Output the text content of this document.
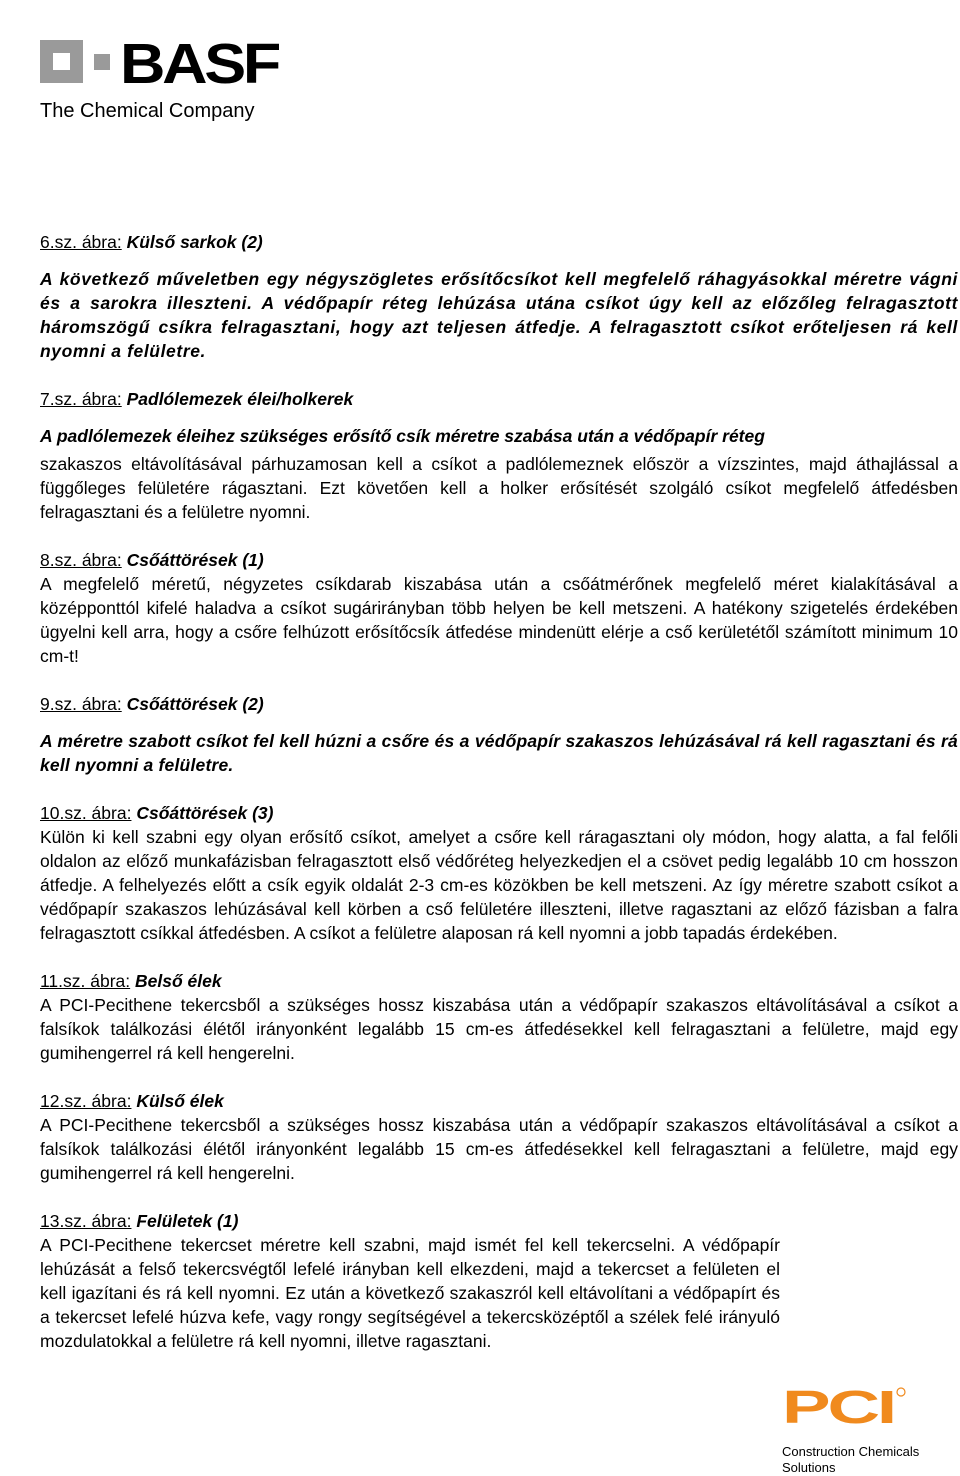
BASF
The Chemical Company
6.sz. ábra: Külső sarkok (2)

A következő műveletben egy négyszögletes erősítőcsíkot kell megfelelő ráhagyásokkal méretre vágni és a sarokra illeszteni. A védőpapír réteg lehúzása utána csíkot úgy kell az előzőleg felragasztott háromszögű csíkra felragasztani, hogy azt teljesen átfedje. A felragasztott csíkot erőteljesen rá kell nyomni a felületre.

7.sz. ábra: Padlólemezek élei/holkerek

A padlólemezek éleihez szükséges erősítő csík méretre szabása után a védőpapír réteg

szakaszos eltávolításával párhuzamosan kell a csíkot a padlólemeznek először a vízszintes, majd áthajlással a függőleges felületére rágasztani. Ezt követően kell a holker erősítését szolgáló csíkot megfelelő átfedésben felragasztani és a felületre nyomni.

8.sz. ábra: Csőáttörések (1)

A megfelelő méretű, négyzetes csíkdarab kiszabása után a csőátmérőnek megfelelő méret kialakításával a középponttól kifelé haladva a csíkot sugárirányban több helyen be kell metszeni. A hatékony szigetelés érdekében ügyelni kell arra, hogy a csőre felhúzott erősítőcsík átfedése mindenütt elérje a cső kerületétől számított minimum 10 cm-t!

9.sz. ábra: Csőáttörések (2)

A méretre szabott csíkot fel kell húzni a csőre és a védőpapír szakaszos lehúzásával rá kell ragasztani és rá kell nyomni a felületre.

10.sz. ábra: Csőáttörések (3)

Külön ki kell szabni egy olyan erősítő csíkot, amelyet a csőre kell ráragasztani oly módon, hogy alatta, a fal felőli oldalon az előző munkafázisban felragasztott első védőréteg helyezkedjen el a csövet pedig legalább 10 cm hosszon átfedje. A felhelyezés előtt a csík egyik oldalát 2-3 cm-es közökben be kell metszeni. Az így méretre szabott csíkot a védőpapír szakaszos lehúzásával kell körben a cső felületére illeszteni, illetve ragasztani az előző fázisban a falra felragasztott csíkkal átfedésben. A csíkot a felületre alaposan rá kell nyomni a jobb tapadás érdekében.

11.sz. ábra: Belső élek

A PCI-Pecithene tekercsből a szükséges hossz kiszabása után a védőpapír szakaszos eltávolításával a csíkot a falsíkok találkozási élétől irányonként legalább 15 cm-es átfedésekkel kell felragasztani a felületre, majd egy gumihengerrel rá kell hengerelni.

12.sz. ábra: Külső élek

A PCI-Pecithene tekercsből a szükséges hossz kiszabása után a védőpapír szakaszos eltávolításával a csíkot a falsíkok találkozási élétől irányonként legalább 15 cm-es átfedésekkel kell felragasztani a felületre, majd egy gumihengerrel rá kell hengerelni.

13.sz. ábra: Felületek (1)

A PCI-Pecithene tekercset méretre kell szabni, majd ismét fel kell tekercselni. A védőpapír lehúzását a felső tekercsvégtől lefelé irányban kell elkezdeni, majd a tekercset a felületen el kell igazítani és rá kell nyomni. Ez után a következő szakaszról kell eltávolítani a védőpapírt és a tekercset lefelé húzva kefe, vagy rongy segítségével a tekercsközéptől a szélek felé irányuló mozdulatokkal a felületre rá kell nyomni, illetve ragasztani.

PCI
Construction Chemicals Solutions
